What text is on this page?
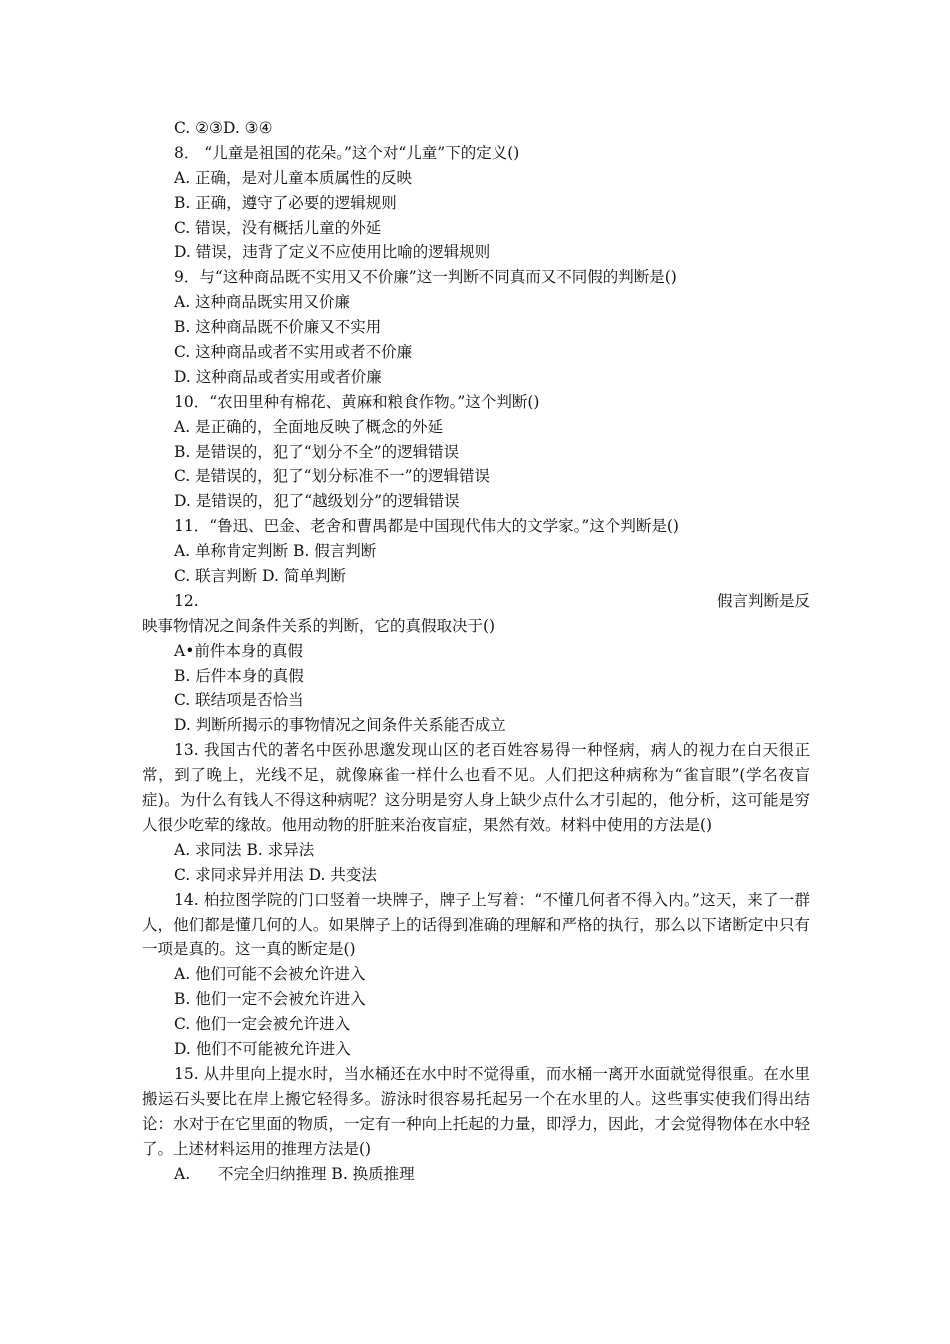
C. ②③D. ③④
8． “儿童是祖国的花朵。”这个对“儿童”下的定义()
A. 正确，是对儿童本质属性的反映
B. 正确，遵守了必要的逻辑规则
C. 错误，没有概括儿童的外延
D. 错误，违背了定义不应使用比喻的逻辑规则
9．与“这种商品既不实用又不价廉”这一判断不同真而又不同假的判断是()
A. 这种商品既实用又价廉
B. 这种商品既不价廉又不实用
C. 这种商品或者不实用或者不价廉
D. 这种商品或者实用或者价廉
10．“农田里种有棉花、黄麻和粮食作物。”这个判断()
A. 是正确的，全面地反映了概念的外延
B. 是错误的，犯了“划分不全”的逻辑错误
C. 是错误的，犯了“划分标准不一”的逻辑错误
D. 是错误的，犯了“越级划分”的逻辑错误
11．“鲁迅、巴金、老舍和曹禺都是中国现代伟大的文学家。”这个判断是()
A. 单称肯定判断 B. 假言判断
C. 联言判断 D. 简单判断
12.	假言判断是反
映事物情况之间条件关系的判断，它的真假取决于()
A•前件本身的真假
B. 后件本身的真假
C. 联结项是否恰当
D. 判断所揭示的事物情况之间条件关系能否成立
13. 我国古代的著名中医孙思邈发现山区的老百姓容易得一种怪病，病人的视力在白天很正常，到了晚上，光线不足，就像麻雀一样什么也看不见。人们把这种病称为“雀盲眼”(学名夜盲症)。为什么有钱人不得这种病呢？这分明是穷人身上缺少点什么才引起的，他分析，这可能是穷人很少吃荤的缘故。他用动物的肝脏来治夜盲症，果然有效。材料中使用的方法是()
A. 求同法 B. 求异法
C. 求同求异并用法 D. 共变法
14. 柏拉图学院的门口竖着一块牌子，牌子上写着：“不懂几何者不得入内。”这天，来了一群人，他们都是懂几何的人。如果牌子上的话得到准确的理解和严格的执行，那么以下诸断定中只有一项是真的。这一真的断定是()
A. 他们可能不会被允许进入
B. 他们一定不会被允许进入
C. 他们一定会被允许进入
D. 他们不可能被允许进入
15. 从井里向上提水时，当水桶还在水中时不觉得重，而水桶一离开水面就觉得很重。在水里搬运石头要比在岸上搬它轻得多。游泳时很容易托起另一个在水里的人。这些事实使我们得出结论：水对于在它里面的物质，一定有一种向上托起的力量，即浮力，因此，才会觉得物体在水中轻了。上述材料运用的推理方法是()
A. 不完全归纳推理 B. 换质推理
